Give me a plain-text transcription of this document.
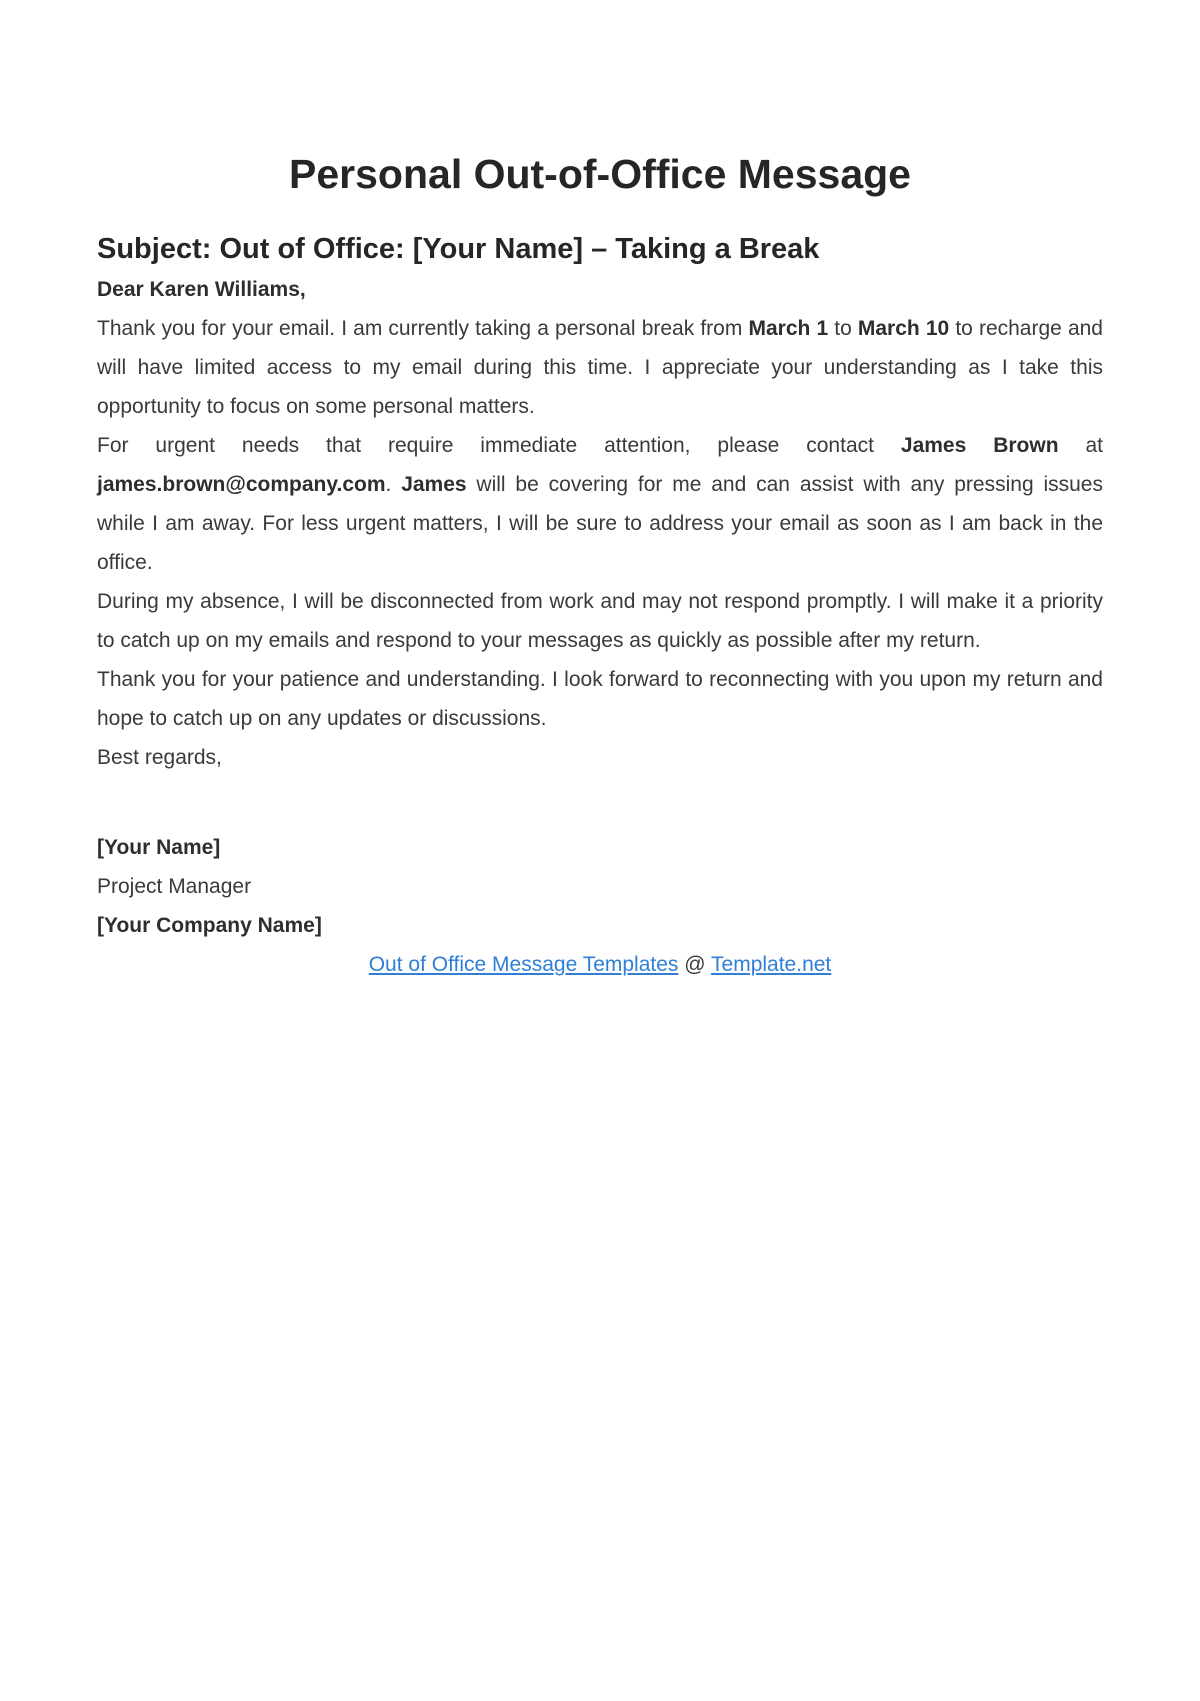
Personal Out-of-Office Message
Subject: Out of Office: [Your Name] – Taking a Break

Dear Karen Williams,

Thank you for your email. I am currently taking a personal break from March 1 to March 10 to recharge and will have limited access to my email during this time. I appreciate your understanding as I take this opportunity to focus on some personal matters.

For urgent needs that require immediate attention, please contact James Brown at james.brown@company.com. James will be covering for me and can assist with any pressing issues while I am away. For less urgent matters, I will be sure to address your email as soon as I am back in the office.

During my absence, I will be disconnected from work and may not respond promptly. I will make it a priority to catch up on my emails and respond to your messages as quickly as possible after my return.

Thank you for your patience and understanding. I look forward to reconnecting with you upon my return and hope to catch up on any updates or discussions.

Best regards,

[Your Name]

Project Manager

[Your Company Name]

Out of Office Message Templates @ Template.net
